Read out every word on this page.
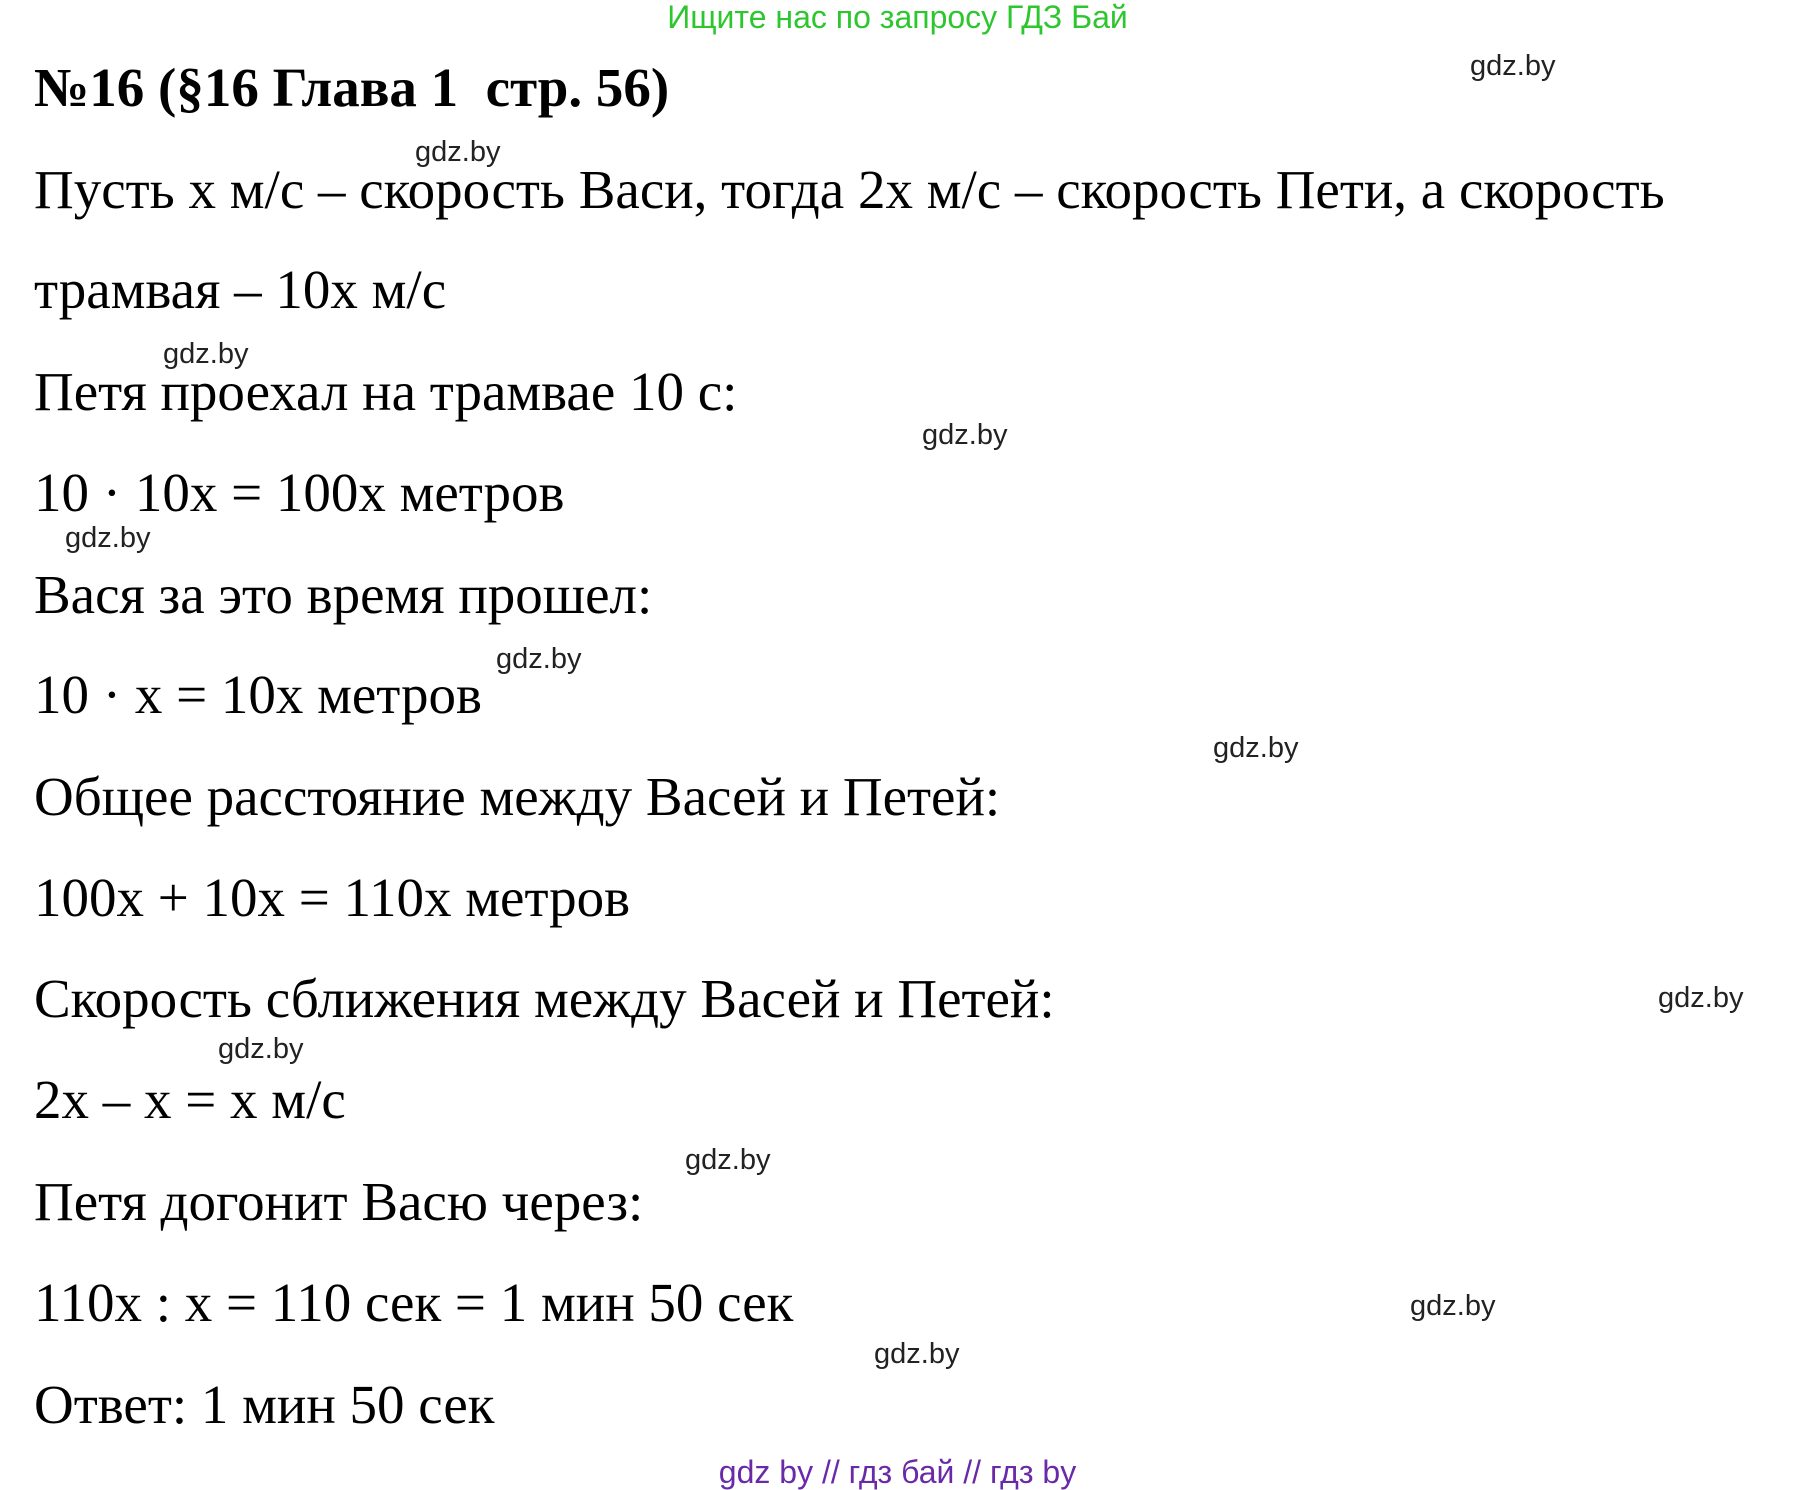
Ищите нас по запросу ГДЗ Бай
№16 (§16 Глава 1  стр. 56)
Пусть x м/с – скорость Васи, тогда 2x м/с – скорость Пети, а скорость
трамвая – 10x м/с
Петя проехал на трамвае 10 с:
10 · 10x = 100x метров
Вася за это время прошел:
10 · x = 10x метров
Общее расстояние между Васей и Петей:
100x + 10x = 110x метров
Скорость сближения между Васей и Петей:
2x – x = x м/с
Петя догонит Васю через:
110x : x = 110 сек = 1 мин 50 сек
Ответ: 1 мин 50 сек
gdz.by
gdz.by
gdz.by
gdz.by
gdz.by
gdz.by
gdz.by
gdz.by
gdz.by
gdz.by
gdz.by
gdz.by
gdz by // гдз бай // гдз by
